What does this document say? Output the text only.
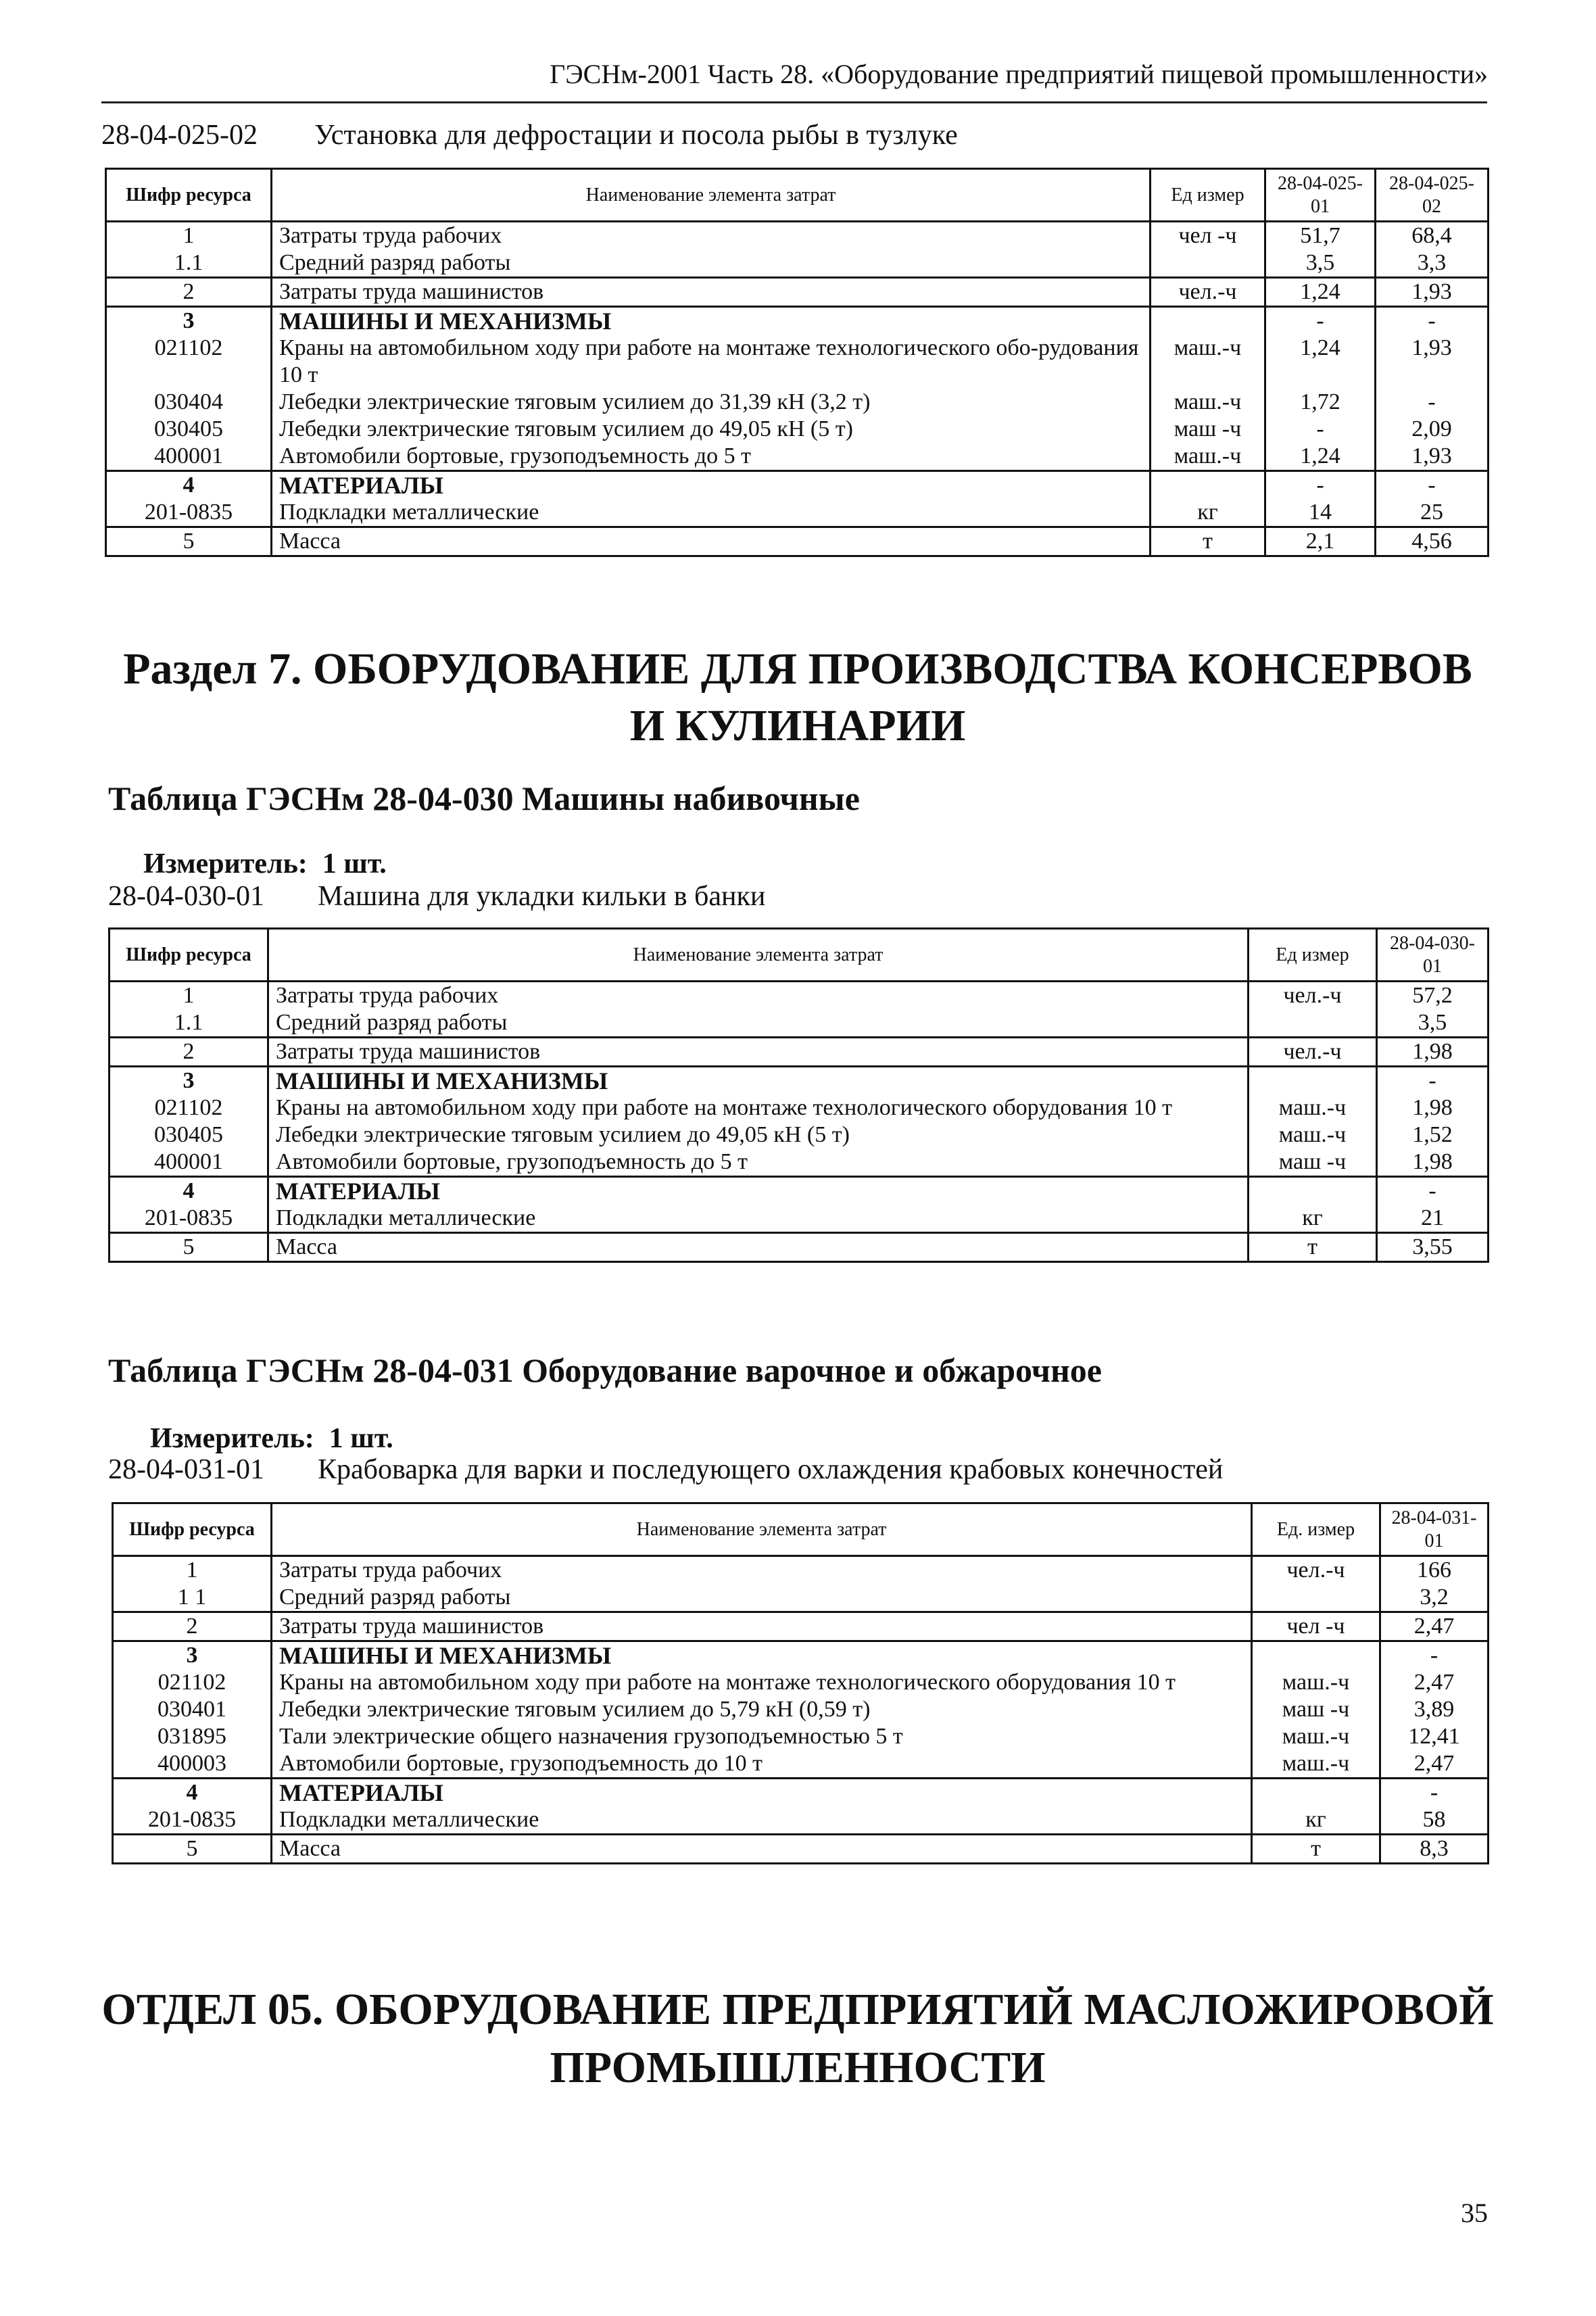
ГЭСНм-2001 Часть 28. «Оборудование предприятий пищевой промышленности»
28-04-025-02 Установка для дефростации и посола рыбы в тузлуке
Шифр ресурса	Наименование элемента затрат	Ед измер	28-04-025-01	28-04-025-02
1	Затраты труда рабочих	чел -ч	51,7	68,4
1.1	Средний разряд работы		3,5	3,3
2	Затраты труда машинистов	чел.-ч	1,24	1,93
3	МАШИНЫ И МЕХАНИЗМЫ		-	-
021102	Краны на автомобильном ходу при работе на монтаже технологического обо-рудования 10 т	маш.-ч	1,24	1,93
030404	Лебедки электрические тяговым усилием до 31,39 кН (3,2 т)	маш.-ч	1,72	-
030405	Лебедки электрические тяговым усилием до 49,05 кН (5 т)	маш -ч	-	2,09
400001	Автомобили бортовые, грузоподъемность до 5 т	маш.-ч	1,24	1,93
4	МАТЕРИАЛЫ		-	-
201-0835	Подкладки металлические	кг	14	25
5	Масса	т	2,1	4,56
Раздел 7. ОБОРУДОВАНИЕ ДЛЯ ПРОИЗВОДСТВА КОНСЕРВОВ И КУЛИНАРИИ
Таблица ГЭСНм 28-04-030 Машины набивочные
Измеритель: 1 шт.
28-04-030-01 Машина для укладки кильки в банки
Шифр ресурса	Наименование элемента затрат	Ед измер	28-04-030-01
1	Затраты труда рабочих	чел.-ч	57,2
1.1	Средний разряд работы		3,5
2	Затраты труда машинистов	чел.-ч	1,98
3	МАШИНЫ И МЕХАНИЗМЫ		-
021102	Краны на автомобильном ходу при работе на монтаже технологического оборудования 10 т	маш.-ч	1,98
030405	Лебедки электрические тяговым усилием до 49,05 кН (5 т)	маш.-ч	1,52
400001	Автомобили бортовые, грузоподъемность до 5 т	маш -ч	1,98
4	МАТЕРИАЛЫ		-
201-0835	Подкладки металлические	кг	21
5	Масса	т	3,55
Таблица ГЭСНм 28-04-031 Оборудование варочное и обжарочное
Измеритель: 1 шт.
28-04-031-01 Крабоварка для варки и последующего охлаждения крабовых конечностей
Шифр ресурса	Наименование элемента затрат	Ед. измер	28-04-031-01
1	Затраты труда рабочих	чел.-ч	166
1 1	Средний разряд работы		3,2
2	Затраты труда машинистов	чел -ч	2,47
3	МАШИНЫ И МЕХАНИЗМЫ		-
021102	Краны на автомобильном ходу при работе на монтаже технологического оборудования 10 т	маш.-ч	2,47
030401	Лебедки электрические тяговым усилием до 5,79 кН (0,59 т)	маш -ч	3,89
031895	Тали электрические общего назначения грузоподъемностью 5 т	маш.-ч	12,41
400003	Автомобили бортовые, грузоподъемность до 10 т	маш.-ч	2,47
4	МАТЕРИАЛЫ		-
201-0835	Подкладки металлические	кг	58
5	Масса	т	8,3
ОТДЕЛ 05. ОБОРУДОВАНИЕ ПРЕДПРИЯТИЙ МАСЛОЖИРОВОЙ ПРОМЫШЛЕННОСТИ
35
